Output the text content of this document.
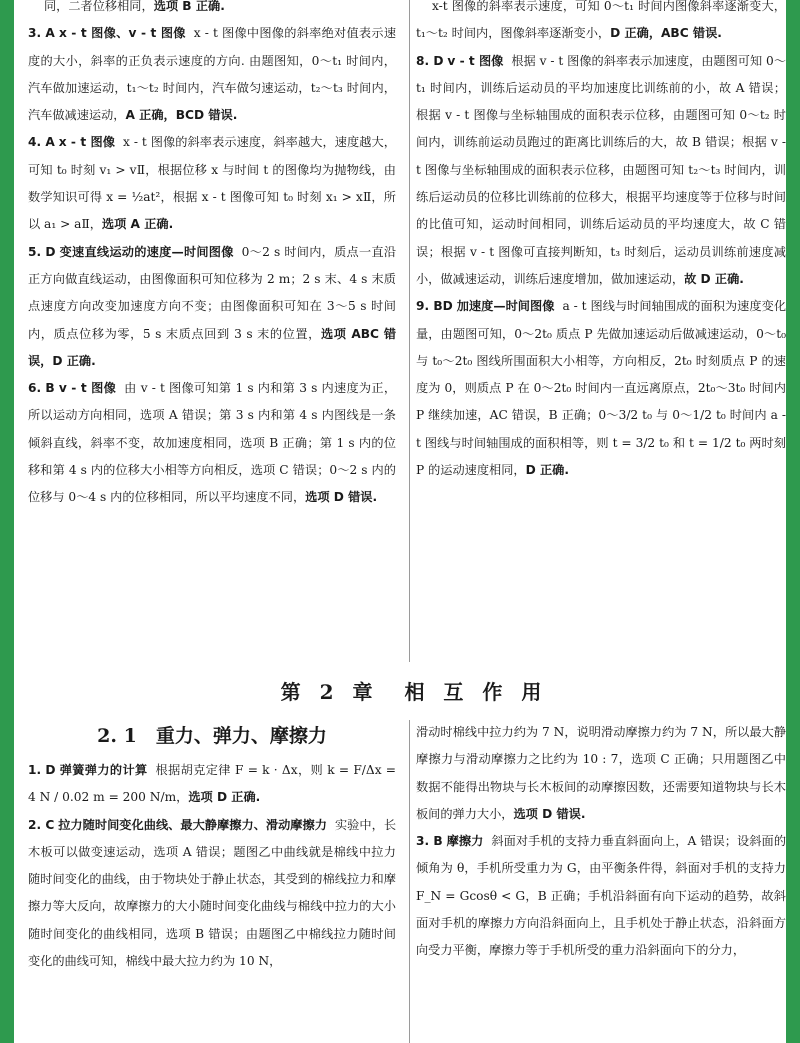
同，二者位移相同，选项 B 正确.

3. A x - t 图像、v - t 图像 x - t 图像中图像的斜率绝对值表示速度的大小，斜率的正负表示速度的方向. 由题图知，0～t₁ 时间内，汽车做加速运动，t₁～t₂ 时间内，汽车做匀速运动，t₂～t₃ 时间内，汽车做减速运动，A 正确，BCD 错误.

4. A x - t 图像 x - t 图像的斜率表示速度，斜率越大，速度越大，可知 t₀ 时刻 v₁ > vⅡ，根据位移 x 与时间 t 的图像均为抛物线，由数学知识可得 x = ½at²，根据 x - t 图像可知 t₀ 时刻 x₁ > xⅡ，所以 a₁ > aⅡ，选项 A 正确.

5. D 变速直线运动的速度—时间图像 0～2 s 时间内，质点一直沿正方向做直线运动，由图像面积可知位移为 2 m；2 s 末、4 s 末质点速度方向改变加速度方向不变；由图像面积可知在 3～5 s 时间内，质点位移为零，5 s 末质点回到 3 s 末的位置，选项 ABC 错误，D 正确.

6. B v - t 图像 由 v - t 图像可知第 1 s 内和第 3 s 内速度为正，所以运动方向相同，选项 A 错误；第 3 s 内和第 4 s 内图线是一条倾斜直线，斜率不变，故加速度相同，选项 B 正确；第 1 s 内的位移和第 4 s 内的位移大小相等方向相反，选项 C 错误；0～2 s 内的位移与 0～4 s 内的位移相同，所以平均速度不同，选项 D 错误.

x-t 图像的斜率表示速度，可知 0～t₁ 时间内图像斜率逐渐变大，t₁～t₂ 时间内，图像斜率逐渐变小，D 正确，ABC 错误.

8. D v - t 图像 根据 v - t 图像的斜率表示加速度，由题图可知 0～t₁ 时间内，训练后运动员的平均加速度比训练前的小，故 A 错误；根据 v - t 图像与坐标轴围成的面积表示位移，由题图可知 0～t₂ 时间内，训练前运动员跑过的距离比训练后的大，故 B 错误；根据 v - t 图像与坐标轴围成的面积表示位移，由题图可知 t₂～t₃ 时间内，训练后运动员的位移比训练前的位移大，根据平均速度等于位移与时间的比值可知，运动时间相同，训练后运动员的平均速度大，故 C 错误；根据 v - t 图像可直接判断知，t₃ 时刻后，运动员训练前速度减小，做减速运动，训练后速度增加，做加速运动，故 D 正确.

9. BD 加速度—时间图像 a - t 图线与时间轴围成的面积为速度变化量，由题图可知，0～2t₀ 质点 P 先做加速运动后做减速运动，0～t₀ 与 t₀～2t₀ 图线所围面积大小相等，方向相反，2t₀ 时刻质点 P 的速度为 0，则质点 P 在 0～2t₀ 时间内一直远离原点，2t₀～3t₀ 时间内 P 继续加速，AC 错误，B 正确；0～3/2 t₀ 与 0～1/2 t₀ 时间内 a - t 图线与时间轴围成的面积相等，则 t = 3/2 t₀ 和 t = 1/2 t₀ 两时刻 P 的运动速度相同，D 正确.

第 2 章　相 互 作 用
2. 1　重力、弹力、摩擦力

1. D 弹簧弹力的计算 根据胡克定律 F = k · Δx，则 k = F/Δx = 4 N / 0.02 m = 200 N/m，选项 D 正确.

2. C 拉力随时间变化曲线、最大静摩擦力、滑动摩擦力 实验中，长木板可以做变速运动，选项 A 错误；题图乙中曲线就是棉线中拉力随时间变化的曲线，由于物块处于静止状态，其受到的棉线拉力和摩擦力等大反向，故摩擦力的大小随时间变化曲线与棉线中拉力的大小随时间变化的曲线相同，选项 B 错误；由题图乙中棉线拉力随时间变化的曲线可知，棉线中最大拉力约为 10 N，

滑动时棉线中拉力约为 7 N，说明滑动摩擦力约为 7 N，所以最大静摩擦力与滑动摩擦力之比约为 10 : 7，选项 C 正确；只用题图乙中数据不能得出物块与长木板间的动摩擦因数，还需要知道物块与长木板间的弹力大小，选项 D 错误.

3. B 摩擦力 斜面对手机的支持力垂直斜面向上，A 错误；设斜面的倾角为 θ，手机所受重力为 G，由平衡条件得，斜面对手机的支持力 F_N = Gcosθ < G，B 正确；手机沿斜面有向下运动的趋势，故斜面对手机的摩擦力方向沿斜面向上，且手机处于静止状态，沿斜面方向受力平衡，摩擦力等于手机所受的重力沿斜面向下的分力，
